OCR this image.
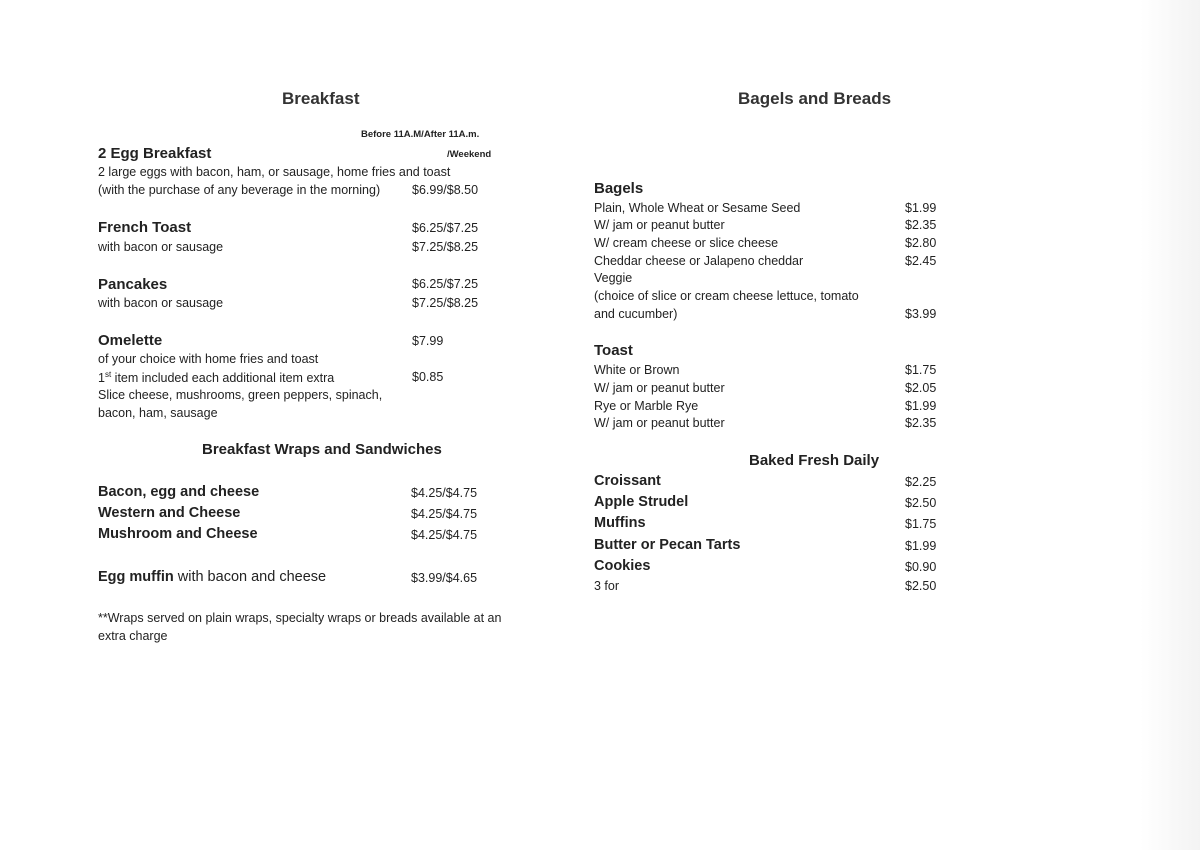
Breakfast
Before 11A.M/After 11A.m.
/Weekend
2 Egg Breakfast
2 large eggs with bacon, ham, or sausage, home fries and toast
(with the purchase of any beverage in the morning)	$6.99/$8.50
French Toast	$6.25/$7.25
with bacon or sausage	$7.25/$8.25
Pancakes	$6.25/$7.25
with bacon or sausage	$7.25/$8.25
Omelette	$7.99
of your choice with home fries and toast
1st item included each additional item extra	$0.85
Slice cheese, mushrooms, green peppers, spinach,
bacon, ham, sausage
Breakfast Wraps and Sandwiches
Bacon, egg and cheese	$4.25/$4.75
Western and Cheese	$4.25/$4.75
Mushroom and Cheese	$4.25/$4.75
Egg muffin with bacon and cheese	$3.99/$4.65
**Wraps served on plain wraps, specialty wraps or breads available at an
extra charge
Bagels and Breads
Bagels
Plain, Whole Wheat or Sesame Seed	$1.99
W/ jam or peanut butter	$2.35
W/ cream cheese or slice cheese	$2.80
Cheddar cheese or Jalapeno cheddar	$2.45
Veggie
(choice of slice or cream cheese lettuce, tomato
and cucumber)	$3.99
Toast
White or Brown	$1.75
W/ jam or peanut butter	$2.05
Rye or Marble Rye	$1.99
W/ jam or peanut butter	$2.35
Baked Fresh Daily
Croissant	$2.25
Apple Strudel	$2.50
Muffins	$1.75
Butter or Pecan Tarts	$1.99
Cookies	$0.90
3 for	$2.50
